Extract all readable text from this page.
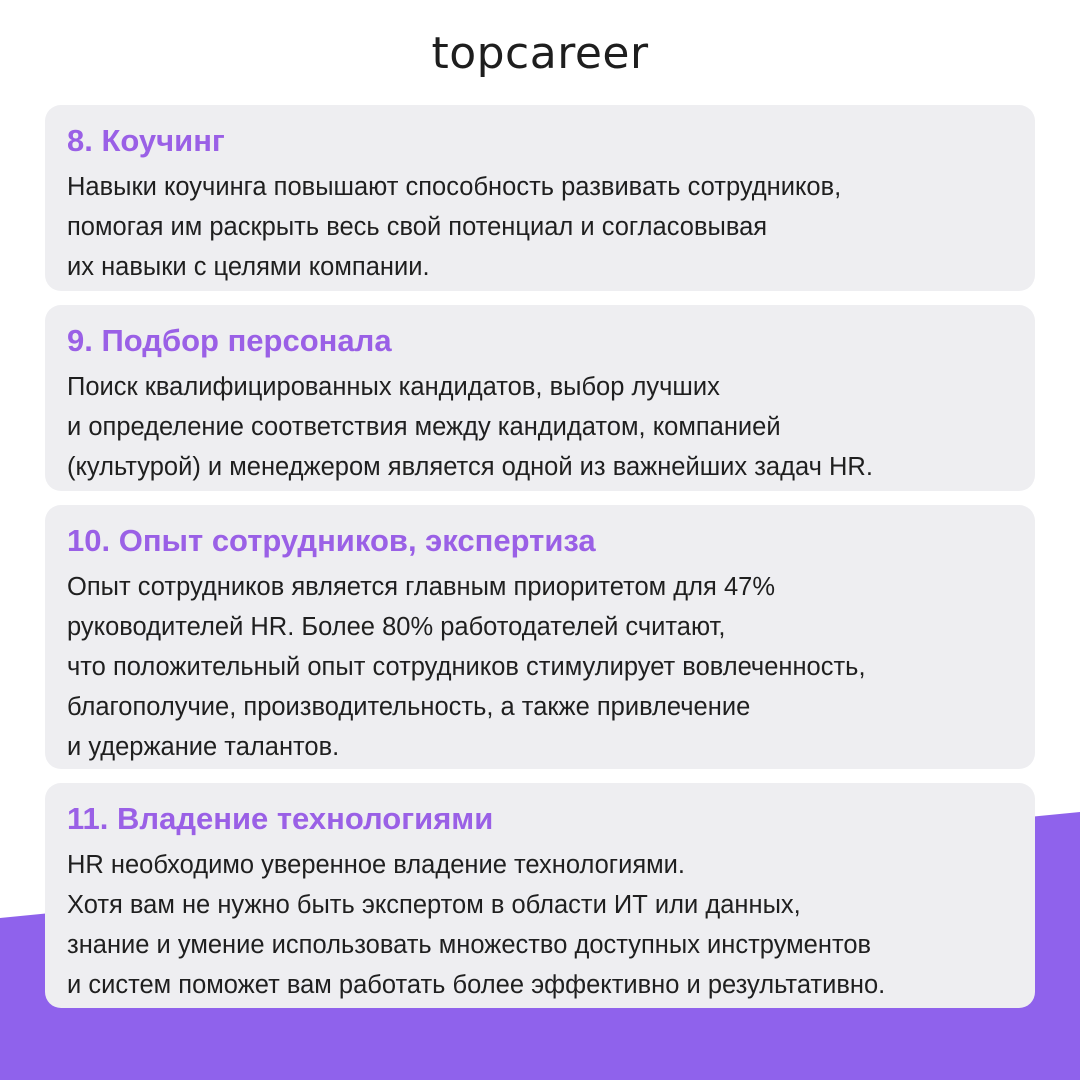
topcareer
8. Коучинг
Навыки коучинга повышают способность развивать сотрудников,
помогая им раскрыть весь свой потенциал и согласовывая
их навыки с целями компании.
9. Подбор персонала
Поиск квалифицированных кандидатов, выбор лучших
и определение соответствия между кандидатом, компанией
(культурой) и менеджером является одной из важнейших задач HR.
10. Опыт сотрудников, экспертиза
Опыт сотрудников является главным приоритетом для 47%
руководителей HR. Более 80% работодателей считают,
что положительный опыт сотрудников стимулирует вовлеченность,
благополучие, производительность, а также привлечение
и удержание талантов.
11. Владение технологиями
HR необходимо уверенное владение технологиями.
Хотя вам не нужно быть экспертом в области ИТ или данных,
знание и умение использовать множество доступных инструментов
и систем поможет вам работать более эффективно и результативно.
